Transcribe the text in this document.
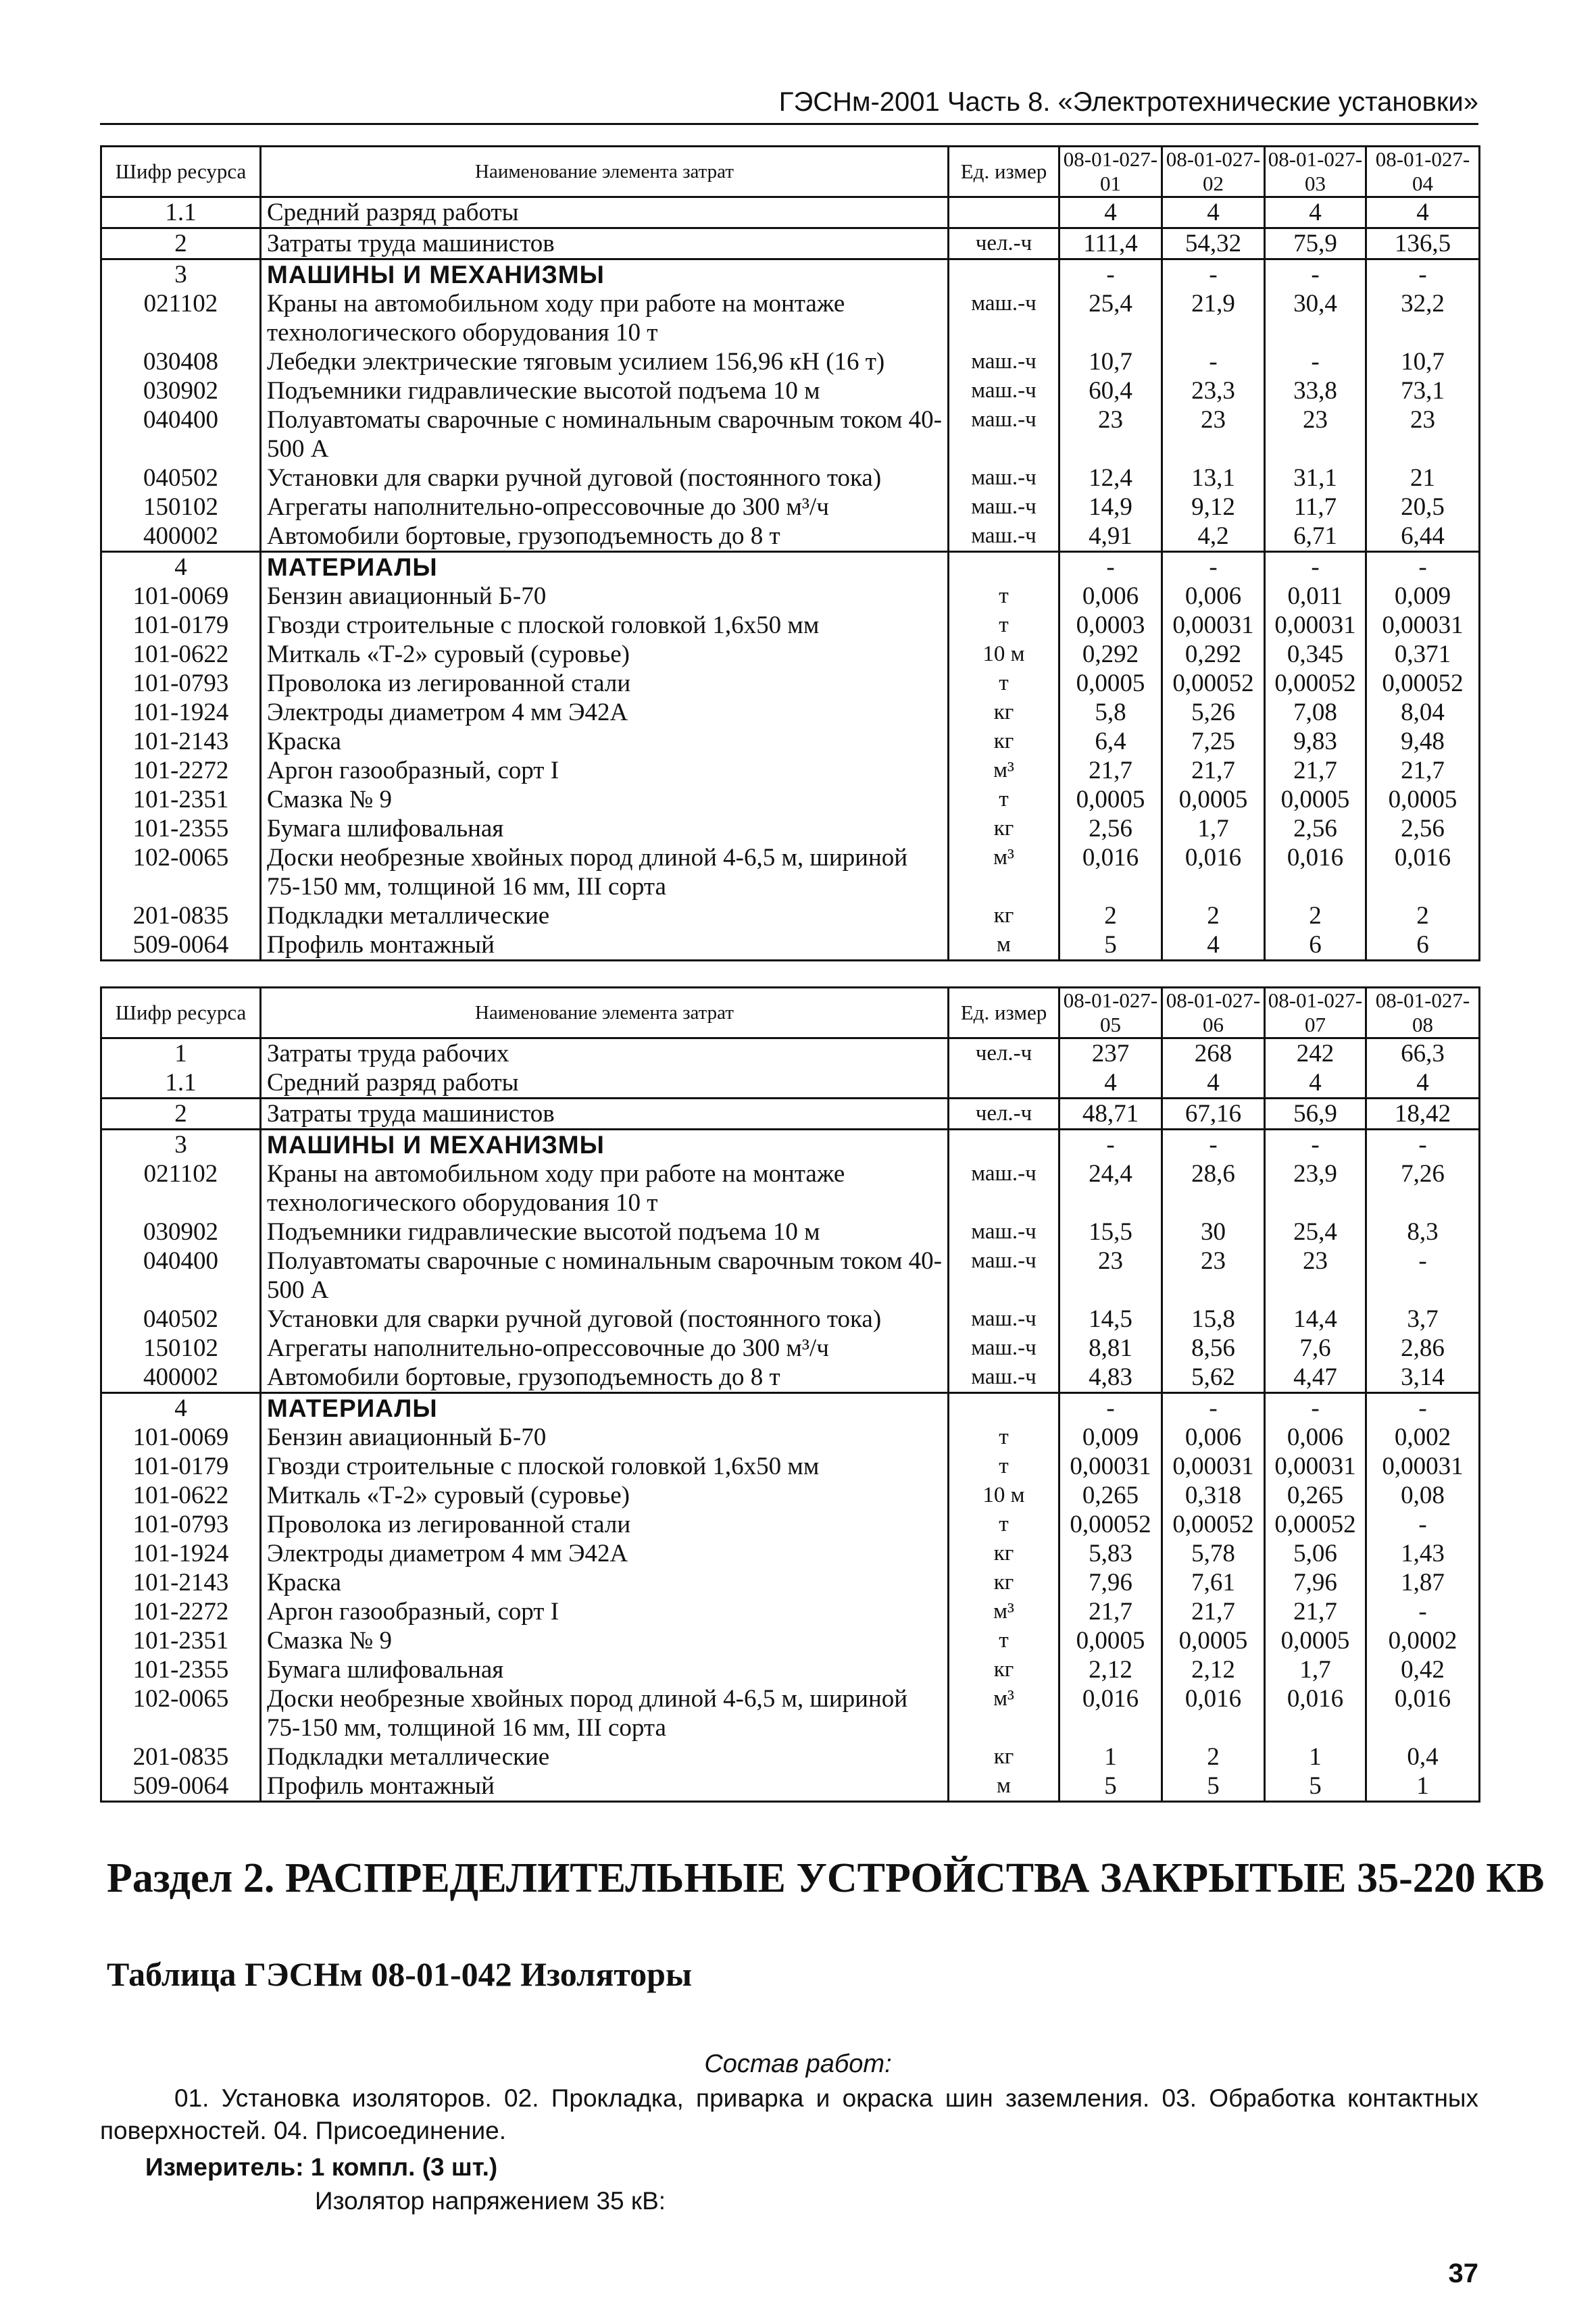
ГЭСНм-2001 Часть 8. «Электротехнические установки»
Шифр ресурса	Наименование элемента затрат	Ед. измер	08-01-027-01	08-01-027-02	08-01-027-03	08-01-027-04
1.1	Средний разряд работы		4	4	4	4
2	Затраты труда машинистов	чел.-ч	111,4	54,32	75,9	136,5
3	МАШИНЫ И МЕХАНИЗМЫ		-	-	-	-
021102	Краны на автомобильном ходу при работе на монтаже технологического оборудования 10 т	маш.-ч	25,4	21,9	30,4	32,2
030408	Лебедки электрические тяговым усилием 156,96 кН (16 т)	маш.-ч	10,7	-	-	10,7
030902	Подъемники гидравлические высотой подъема 10 м	маш.-ч	60,4	23,3	33,8	73,1
040400	Полуавтоматы сварочные с номинальным сварочным током 40-500 А	маш.-ч	23	23	23	23
040502	Установки для сварки ручной дуговой (постоянного тока)	маш.-ч	12,4	13,1	31,1	21
150102	Агрегаты наполнительно-опрессовочные до 300 м³/ч	маш.-ч	14,9	9,12	11,7	20,5
400002	Автомобили бортовые, грузоподъемность до 8 т	маш.-ч	4,91	4,2	6,71	6,44
4	МАТЕРИАЛЫ		-	-	-	-
101-0069	Бензин авиационный Б-70	т	0,006	0,006	0,011	0,009
101-0179	Гвозди строительные с плоской головкой 1,6х50 мм	т	0,0003	0,00031	0,00031	0,00031
101-0622	Миткаль «Т-2» суровый (суровье)	10 м	0,292	0,292	0,345	0,371
101-0793	Проволока из легированной стали	т	0,0005	0,00052	0,00052	0,00052
101-1924	Электроды диаметром 4 мм Э42А	кг	5,8	5,26	7,08	8,04
101-2143	Краска	кг	6,4	7,25	9,83	9,48
101-2272	Аргон газообразный, сорт I	м³	21,7	21,7	21,7	21,7
101-2351	Смазка № 9	т	0,0005	0,0005	0,0005	0,0005
101-2355	Бумага шлифовальная	кг	2,56	1,7	2,56	2,56
102-0065	Доски необрезные хвойных пород длиной 4-6,5 м, шириной 75-150 мм, толщиной 16 мм, III сорта	м³	0,016	0,016	0,016	0,016
201-0835	Подкладки металлические	кг	2	2	2	2
509-0064	Профиль монтажный	м	5	4	6	6
Шифр ресурса	Наименование элемента затрат	Ед. измер	08-01-027-05	08-01-027-06	08-01-027-07	08-01-027-08
1	Затраты труда рабочих	чел.-ч	237	268	242	66,3
1.1	Средний разряд работы		4	4	4	4
2	Затраты труда машинистов	чел.-ч	48,71	67,16	56,9	18,42
3	МАШИНЫ И МЕХАНИЗМЫ		-	-	-	-
021102	Краны на автомобильном ходу при работе на монтаже технологического оборудования 10 т	маш.-ч	24,4	28,6	23,9	7,26
030902	Подъемники гидравлические высотой подъема 10 м	маш.-ч	15,5	30	25,4	8,3
040400	Полуавтоматы сварочные с номинальным сварочным током 40-500 А	маш.-ч	23	23	23	-
040502	Установки для сварки ручной дуговой (постоянного тока)	маш.-ч	14,5	15,8	14,4	3,7
150102	Агрегаты наполнительно-опрессовочные до 300 м³/ч	маш.-ч	8,81	8,56	7,6	2,86
400002	Автомобили бортовые, грузоподъемность до 8 т	маш.-ч	4,83	5,62	4,47	3,14
4	МАТЕРИАЛЫ		-	-	-	-
101-0069	Бензин авиационный Б-70	т	0,009	0,006	0,006	0,002
101-0179	Гвозди строительные с плоской головкой 1,6х50 мм	т	0,00031	0,00031	0,00031	0,00031
101-0622	Миткаль «Т-2» суровый (суровье)	10 м	0,265	0,318	0,265	0,08
101-0793	Проволока из легированной стали	т	0,00052	0,00052	0,00052	-
101-1924	Электроды диаметром 4 мм Э42А	кг	5,83	5,78	5,06	1,43
101-2143	Краска	кг	7,96	7,61	7,96	1,87
101-2272	Аргон газообразный, сорт I	м³	21,7	21,7	21,7	-
101-2351	Смазка № 9	т	0,0005	0,0005	0,0005	0,0002
101-2355	Бумага шлифовальная	кг	2,12	2,12	1,7	0,42
102-0065	Доски необрезные хвойных пород длиной 4-6,5 м, шириной 75-150 мм, толщиной 16 мм, III сорта	м³	0,016	0,016	0,016	0,016
201-0835	Подкладки металлические	кг	1	2	1	0,4
509-0064	Профиль монтажный	м	5	5	5	1
Раздел 2. РАСПРЕДЕЛИТЕЛЬНЫЕ УСТРОЙСТВА ЗАКРЫТЫЕ 35-220 КВ
Таблица ГЭСНм 08-01-042 Изоляторы
Состав работ:
01. Установка изоляторов. 02. Прокладка, приварка и окраска шин заземления. 03. Обработка контактных поверхностей. 04. Присоединение.
Измеритель: 1 компл. (3 шт.)
Изолятор напряжением 35 кВ:
37
